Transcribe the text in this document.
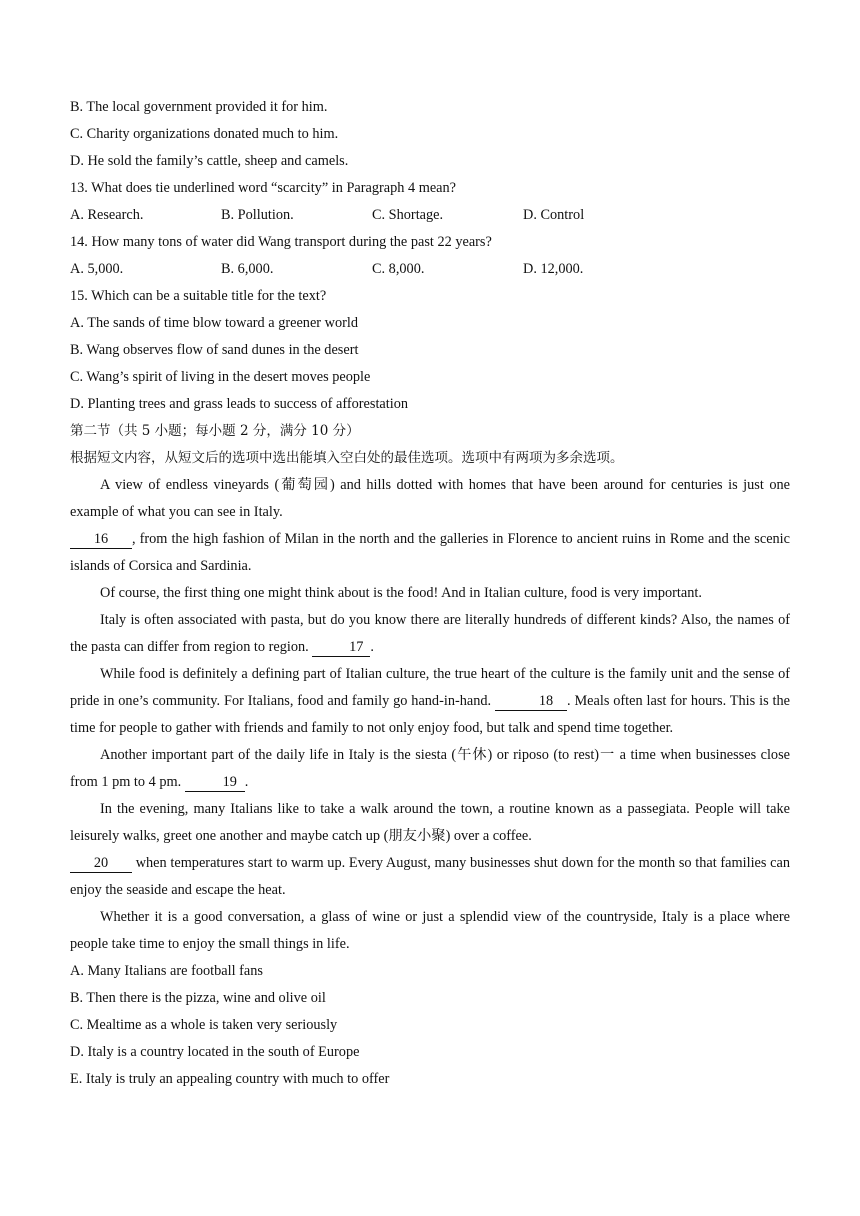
B. The local government provided it for him.
C. Charity organizations donated much to him.
D. He sold the family’s cattle, sheep and camels.
13. What does tie underlined word “scarcity” in Paragraph 4 mean?
A. Research.	B. Pollution.	C. Shortage.	D. Control
14. How many tons of water did Wang transport during the past 22 years?
A. 5,000.	B. 6,000.	C. 8,000.	D. 12,000.
15. Which can be a suitable title for the text?
A. The sands of time blow toward a greener world
B. Wang observes flow of sand dunes in the desert
C. Wang’s spirit of living in the desert moves people
D. Planting trees and grass leads to success of afforestation
第二节（共 5 小题；每小题 2 分，满分 10 分）
根据短文内容，从短文后的选项中选出能填入空白处的最佳选项。选项中有两项为多余选项。

A view of endless vineyards (葡萄园) and hills dotted with homes that have been around for centuries is just one example of what you can see in Italy.

16 , from the high fashion of Milan in the north and the galleries in Florence to ancient ruins in Rome and the scenic islands of Corsica and Sardinia.

Of course, the first thing one might think about is the food! And in Italian culture, food is very important.

Italy is often associated with pasta, but do you know there are literally hundreds of different kinds? Also, the names of the pasta can differ from region to region.	17 .

While food is definitely a defining part of Italian culture, the true heart of the culture is the family unit and the sense of pride in one’s community. For Italians, food and family go hand-in-hand.	18 . Meals often last for hours. This is the time for people to gather with friends and family to not only enjoy food, but talk and spend time together.

Another important part of the daily life in Italy is the siesta (午休) or riposo (to rest)一 a time when businesses close from 1 pm to 4 pm.	19 .

In the evening, many Italians like to take a walk around the town, a routine known as a passegiata. People will take leisurely walks, greet one another and maybe catch up (朋友小聚) over a coffee.

20 when temperatures start to warm up. Every August, many businesses shut down for the month so that families can enjoy the seaside and escape the heat.

Whether it is a good conversation, a glass of wine or just a splendid view of the countryside, Italy is a place where people take time to enjoy the small things in life.

A. Many Italians are football fans
B. Then there is the pizza, wine and olive oil
C. Mealtime as a whole is taken very seriously
D. Italy is a country located in the south of Europe
E. Italy is truly an appealing country with much to offer
